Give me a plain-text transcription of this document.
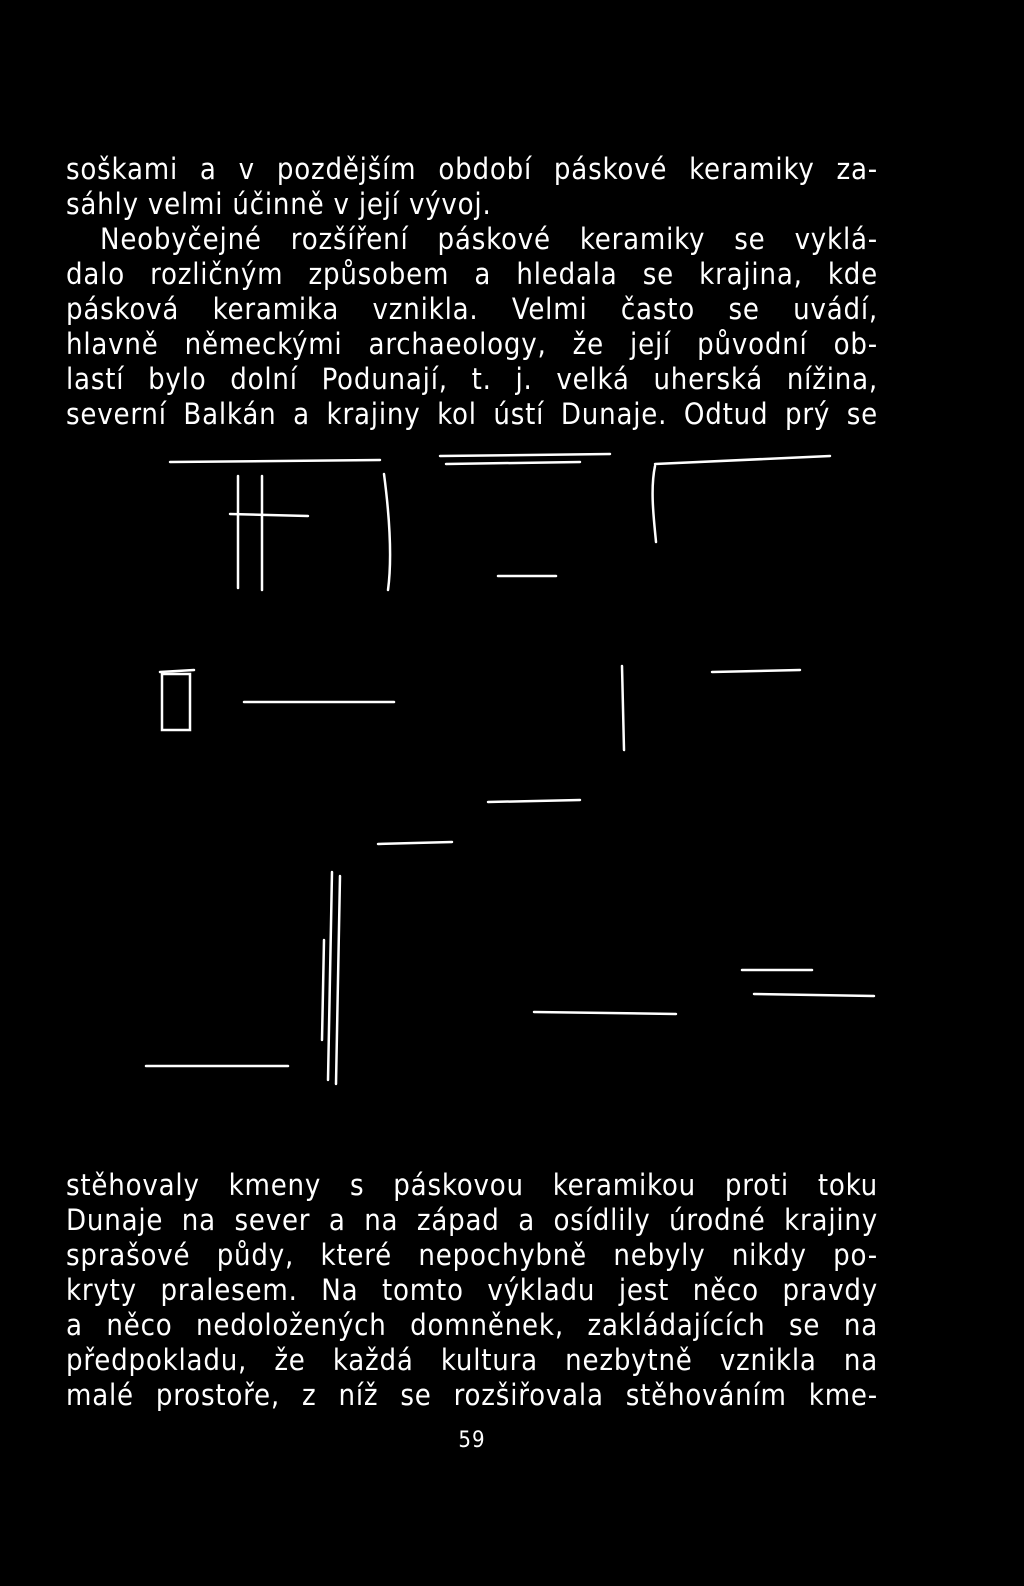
soškami a v pozdějším období páskové keramiky za-
sáhly velmi účinně v její vývoj.
Neobyčejné rozšíření páskové keramiky se vyklá-
dalo rozličným způsobem a hledala se krajina, kde
pásková keramika vznikla. Velmi často se uvádí,
hlavně německými archaeology, že její původní ob-
lastí bylo dolní Podunají, t. j. velká uherská nížina,
severní Balkán a krajiny kol ústí Dunaje. Odtud prý se
stěhovaly kmeny s páskovou keramikou proti toku
Dunaje na sever a na západ a osídlily úrodné krajiny
sprašové půdy, které nepochybně nebyly nikdy po-
kryty pralesem. Na tomto výkladu jest něco pravdy
a něco nedoložených domněnek, zakládajících se na
předpokladu, že každá kultura nezbytně vznikla na
malé prostoře, z níž se rozšiřovala stěhováním kme-
59
